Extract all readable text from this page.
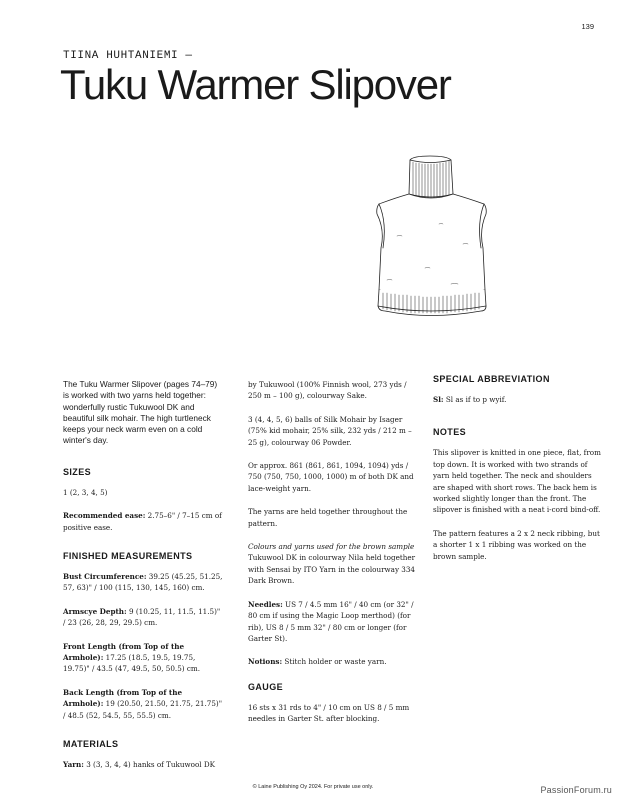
139
TIINA HUHTANIEMI —
Tuku Warmer Slipover

The Tuku Warmer Slipover (pages 74–79) is worked with two yarns held together: wonderfully rustic Tukuwool DK and beautiful silk mohair. The high turtleneck keeps your neck warm even on a cold winter's day.

SIZES

1 (2, 3, 4, 5)

Recommended ease: 2.75–6" / 7–15 cm of positive ease.

FINISHED MEASUREMENTS

Bust Circumference: 39.25 (45.25, 51.25, 57, 63)" / 100 (115, 130, 145, 160) cm.

Armscye Depth: 9 (10.25, 11, 11.5, 11.5)" / 23 (26, 28, 29, 29.5) cm.

Front Length (from Top of the Armhole): 17.25 (18.5, 19.5, 19.75, 19.75)" / 43.5 (47, 49.5, 50, 50.5) cm.

Back Length (from Top of the Armhole): 19 (20.50, 21.50, 21.75, 21.75)" / 48.5 (52, 54.5, 55, 55.5) cm.

MATERIALS

Yarn: 3 (3, 3, 4, 4) hanks of Tukuwool DK

by Tukuwool (100% Finnish wool, 273 yds / 250 m – 100 g), colourway Sake.

3 (4, 4, 5, 6) balls of Silk Mohair by Isager (75% kid mohair, 25% silk, 232 yds / 212 m – 25 g), colourway 06 Powder.

Or approx. 861 (861, 861, 1094, 1094) yds / 750 (750, 750, 1000, 1000) m of both DK and lace-weight yarn.

The yarns are held together throughout the pattern.

Colours and yarns used for the brown sample Tukuwool DK in colourway Nila held together with Sensai by ITO Yarn in the colourway 334 Dark Brown.

Needles: US 7 / 4.5 mm 16" / 40 cm (or 32" / 80 cm if using the Magic Loop merthod) (for rib), US 8 / 5 mm 32" / 80 cm or longer (for Garter St).

Notions: Stitch holder or waste yarn.

GAUGE

16 sts x 31 rds to 4" / 10 cm on US 8 / 5 mm needles in Garter St. after blocking.

SPECIAL ABBREVIATION

Sl: Sl as if to p wyif.

NOTES

This slipover is knitted in one piece, flat, from top down. It is worked with two strands of yarn held together. The neck and shoulders are shaped with short rows. The back hem is worked slightly longer than the front. The slipover is finished with a neat i-cord bind-off.

The pattern features a 2 x 2 neck ribbing, but a shorter 1 x 1 ribbing was worked on the brown sample.

© Laine Publishing Oy 2024. For private use only.	PassionForum.ru
